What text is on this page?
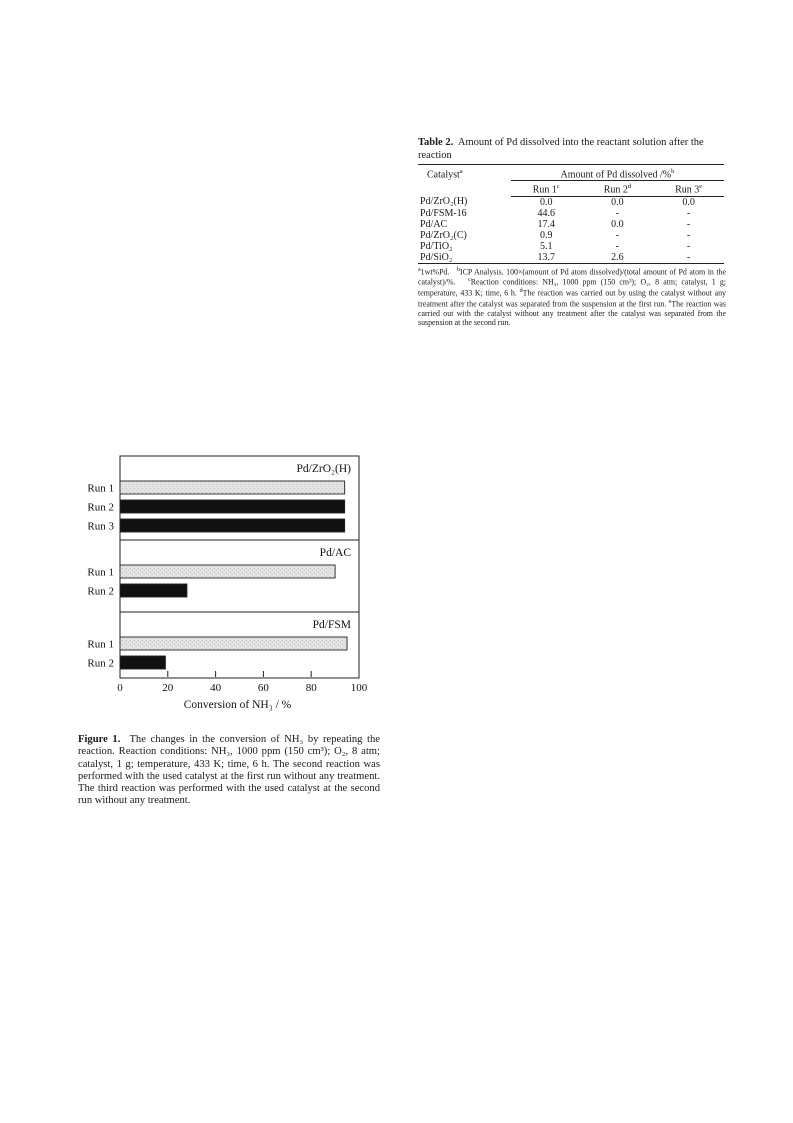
Table 2. Amount of Pd dissolved into the reactant solution after the reaction
Catalyst$^a$	Amount of Pd dissolved /%$^b$
	Run 1$^c$	Run 2$^d$	Run 3e
Pd/ZrO₂(H)	0.0	0.0	0.0
Pd/FSM-16	44.6	-	-
Pd/AC	17.4	0.0	-
Pd/ZrO₂(C)	0.9	-	-
Pd/TiO₂	5.1	-	-
Pd/SiO₂	13.7	2.6	-
$^a$1wt%Pd. $^b$ICP Analysis. 100×(amount of Pd atom dissolved)/(total amount of Pd atom in the catalyst)/%. $^c$Reaction conditions: NH₃, 1000 ppm (150 cm³); O₂, 8 atm; catalyst, 1 g; temperature, 433 K; time, 6 h. $^d$The reaction was carried out by using the catalyst without any treatment after the catalyst was separated from the suspension at the first run. $^e$The reaction was carried out with the catalyst without any treatment after the catalyst was separated from the suspension at the second run.
Pd/ZrO₂(H)
Run 1
Run 2
Run 3
Pd/AC
Run 1
Run 2
Pd/FSM
Run 1
Run 2
0	20	40	60	80	100
Conversion of NH₃ / %
Figure 1. The changes in the conversion of NH₃ by repeating the reaction. Reaction conditions: NH₃, 1000 ppm (150 cm³); O₂, 8 atm; catalyst, 1 g; temperature, 433 K; time, 6 h. The second reaction was performed with the used catalyst at the first run without any treatment. The third reaction was performed with the used catalyst at the second run without any treatment.
